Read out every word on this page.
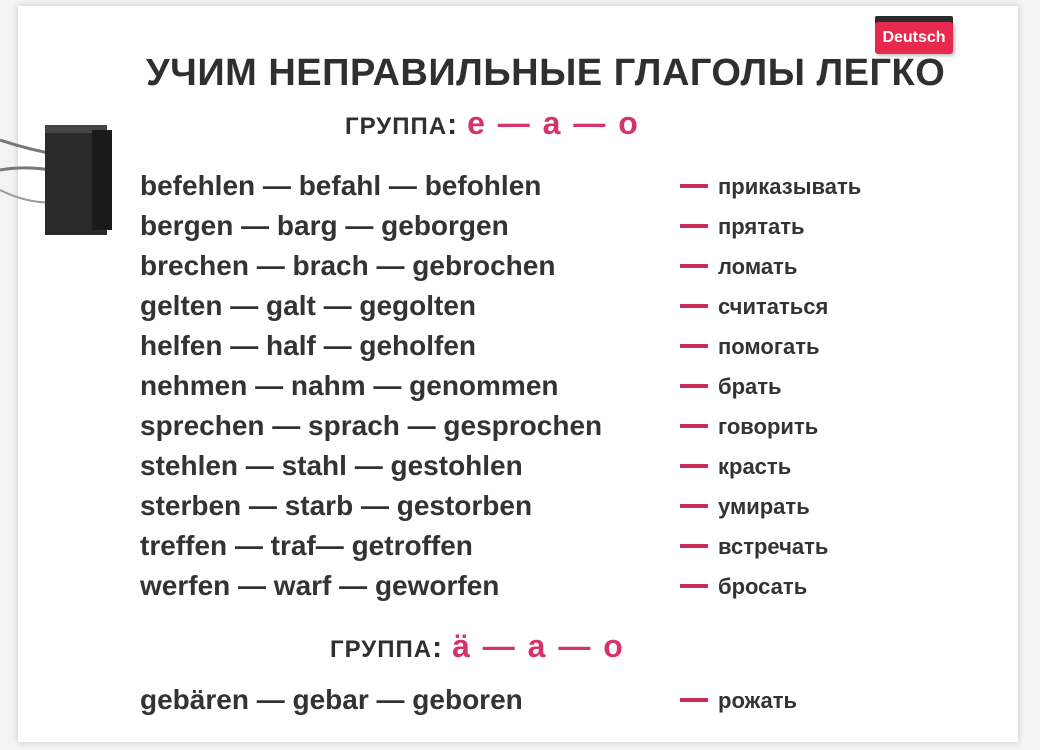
Deutsch
УЧИМ НЕПРАВИЛЬНЫЕ ГЛАГОЛЫ ЛЕГКО
ГРУППА: е — а — о
befehlen — befahl — befohlen	приказывать
bergen — barg — geborgen	прятать
brechen — brach — gebrochen	ломать
gelten — galt — gegolten	считаться
helfen — half — geholfen	помогать
nehmen — nahm — genommen	брать
sprechen — sprach — gesprochen	говорить
stehlen — stahl — gestohlen	красть
sterben — starb — gestorben	умирать
treffen — traf— getroffen	встречать
werfen — warf — geworfen	бросать
ГРУППА: ä — а — о
gebären — gebar — geboren	рожать
